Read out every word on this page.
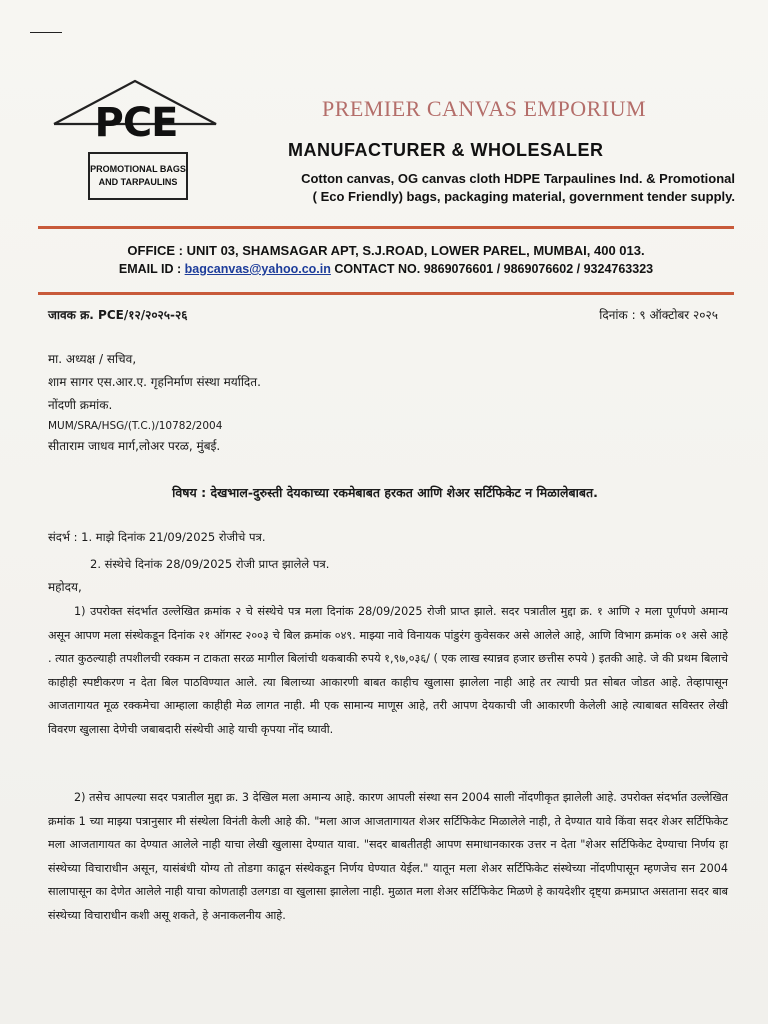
PCE
PROMOTIONAL BAGS
AND TARPAULINS
PREMIER CANVAS EMPORIUM
MANUFACTURER & WHOLESALER
Cotton canvas, OG canvas cloth HDPE Tarpaulines Ind. & Promotional
( Eco Friendly) bags, packaging material, government tender supply.
OFFICE : UNIT 03, SHAMSAGAR APT, S.J.ROAD, LOWER PAREL, MUMBAI, 400 013.
EMAIL ID : bagcanvas@yahoo.co.in CONTACT NO. 9869076601 / 9869076602 / 9324763323
जावक क्र. PCE/१२/२०२५-२६	दिनांक : ९ ऑक्टोबर २०२५
मा. अध्यक्ष / सचिव,
शाम सागर एस.आर.ए. गृहनिर्माण संस्था मर्यादित.
नोंदणी क्रमांक.
MUM/SRA/HSG/(T.C.)/10782/2004
सीताराम जाधव मार्ग,लोअर परळ, मुंबई.
विषय : देखभाल-दुरुस्ती देयकाच्या रकमेबाबत हरकत आणि शेअर सर्टिफिकेट न मिळालेबाबत.
संदर्भ : 1. माझे दिनांक 21/09/2025 रोजीचे पत्र.
2. संस्थेचे दिनांक 28/09/2025 रोजी प्राप्त झालेले पत्र.
महोदय,
1) उपरोक्त संदर्भात उल्लेखित क्रमांक २ चे संस्थेचे पत्र मला दिनांक 28/09/2025 रोजी प्राप्त झाले. सदर पत्रातील मुद्दा क्र. १ आणि २ मला पूर्णपणे अमान्य असून आपण मला संस्थेकडून दिनांक २१ ऑगस्ट २००३ चे बिल क्रमांक ०४९. माझ्या नावे विनायक पांडुरंग कुवेसकर असे आलेले आहे, आणि विभाग क्रमांक ०१ असे आहे . त्यात कुठल्याही तपशीलची रक्कम न टाकता सरळ मागील बिलांची थकबाकी रुपये १,९७,०३६/ ( एक लाख स्यान्नव हजार छत्तीस रुपये ) इतकी आहे. जे की प्रथम बिलाचे काहीही स्पष्टीकरण न देता बिल पाठविण्यात आले. त्या बिलाच्या आकारणी बाबत काहीच खुलासा झालेला नाही आहे तर त्याची प्रत सोबत जोडत आहे. तेव्हापासून आजतागायत मूळ रक्कमेचा आम्हाला काहीही मेळ लागत नाही. मी एक सामान्य माणूस आहे, तरी आपण देयकाची जी आकारणी केलेली आहे त्याबाबत सविस्तर लेखी विवरण खुलासा देणेची जबाबदारी संस्थेची आहे याची कृपया नोंद घ्यावी.
2) तसेच आपल्या सदर पत्रातील मुद्दा क्र. 3 देखिल मला अमान्य आहे. कारण आपली संस्था सन 2004 साली नोंदणीकृत झालेली आहे. उपरोक्त संदर्भात उल्लेखित क्रमांक 1 च्या माझ्या पत्रानुसार मी संस्थेला विनंती केली आहे की. "मला आज आजतागायत शेअर सर्टिफिकेट मिळालेले नाही, ते देण्यात यावे किंवा सदर शेअर सर्टिफिकेट मला आजतागायत का देण्यात आलेले नाही याचा लेखी खुलासा देण्यात यावा. "सदर बाबतीतही आपण समाधानकारक उत्तर न देता "शेअर सर्टिफिकेट देण्याचा निर्णय हा संस्थेच्या विचाराधीन असून, यासंबंधी योग्य तो तोडगा काढून संस्थेकडून निर्णय घेण्यात येईल." यातून मला शेअर सर्टिफिकेट संस्थेच्या नोंदणीपासून म्हणजेच सन 2004 सालापासून का देणेत आलेले नाही याचा कोणताही उलगडा वा खुलासा झालेला नाही. मुळात मला शेअर सर्टिफिकेट मिळणे हे कायदेशीर दृष्ट्या क्रमप्राप्त असताना सदर बाब संस्थेच्या विचाराधीन कशी असू शकते, हे अनाकलनीय आहे.
